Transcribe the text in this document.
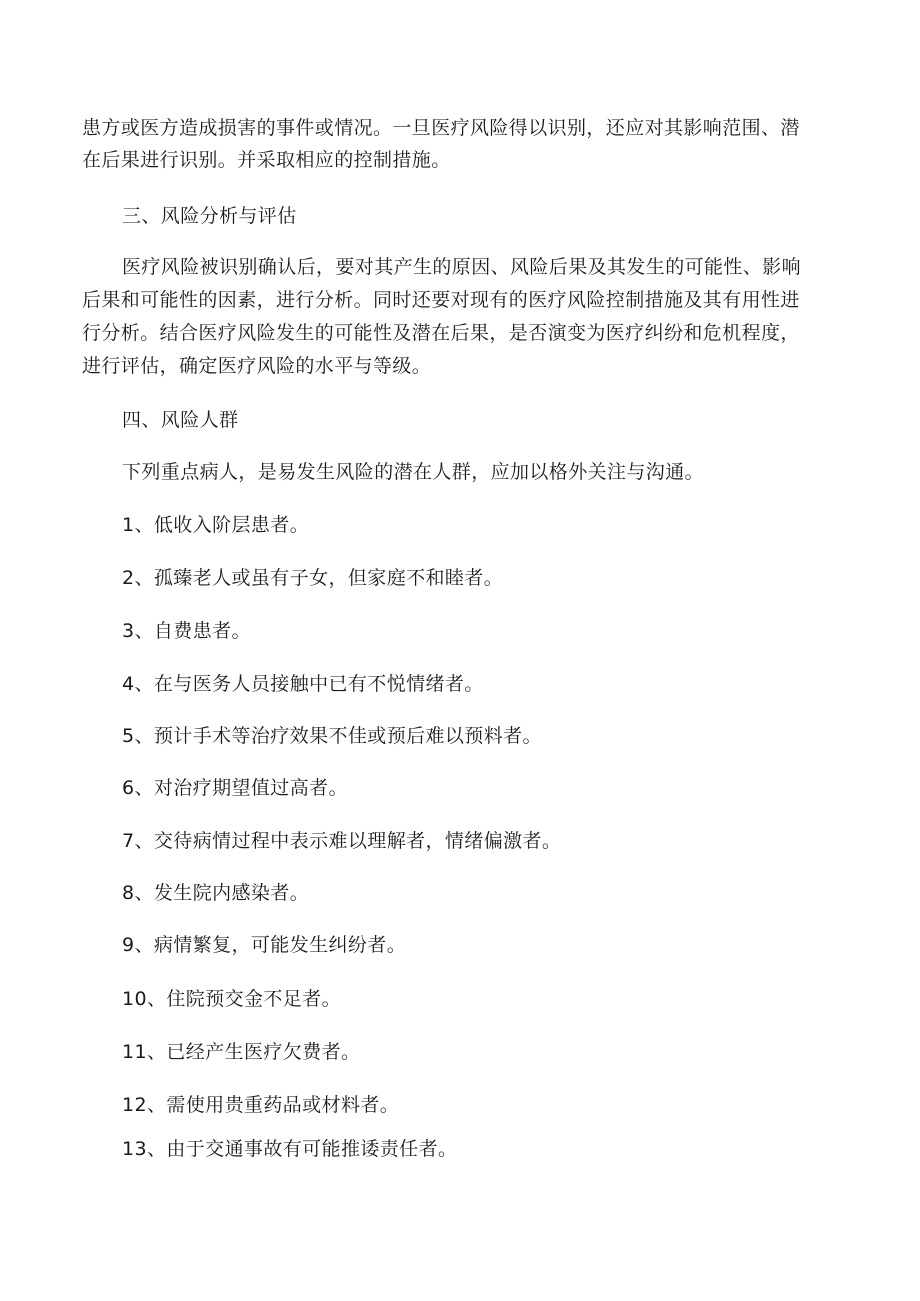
患方或医方造成损害的事件或情况。一旦医疗风险得以识别，还应对其影响范围、潜
在后果进行识别。并采取相应的控制措施。
三、风险分析与评估
医疗风险被识别确认后，要对其产生的原因、风险后果及其发生的可能性、影响
后果和可能性的因素，进行分析。同时还要对现有的医疗风险控制措施及其有用性进
行分析。结合医疗风险发生的可能性及潜在后果，是否演变为医疗纠纷和危机程度，
进行评估，确定医疗风险的水平与等级。
四、风险人群
下列重点病人，是易发生风险的潜在人群，应加以格外关注与沟通。
1、低收入阶层患者。
2、孤臻老人或虽有子女，但家庭不和睦者。
3、自费患者。
4、在与医务人员接触中已有不悦情绪者。
5、预计手术等治疗效果不佳或预后难以预料者。
6、对治疗期望值过高者。
7、交待病情过程中表示难以理解者，情绪偏激者。
8、发生院内感染者。
9、病情繁复，可能发生纠纷者。
10、住院预交金不足者。
11、已经产生医疗欠费者。
12、需使用贵重药品或材料者。
13、由于交通事故有可能推诿责任者。
